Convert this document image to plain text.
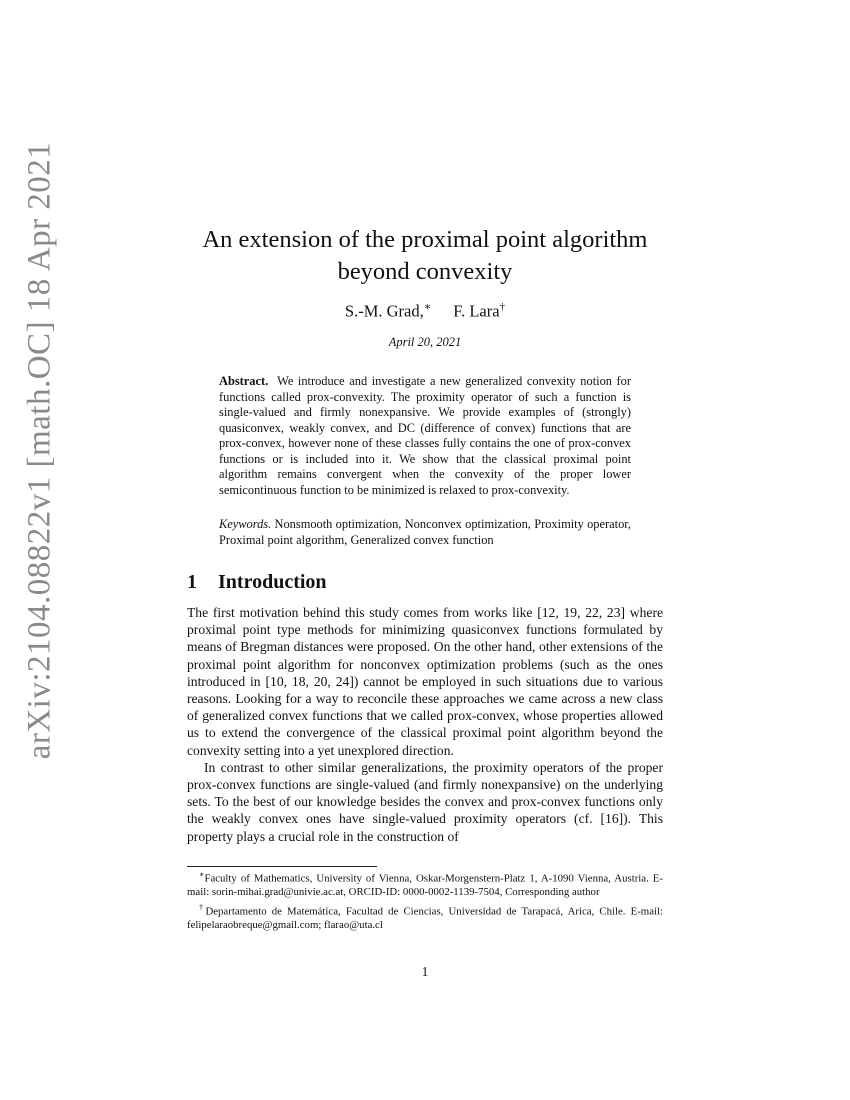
arXiv:2104.08822v1 [math.OC] 18 Apr 2021	An extension of the proximal point algorithm
beyond convexity
S.-M. Grad,∗ F. Lara†
April 20, 2021
Abstract. We introduce and investigate a new generalized convexity notion for functions called prox-convexity. The proximity operator of such a function is single-valued and firmly nonexpansive. We provide examples of (strongly) quasiconvex, weakly convex, and DC (difference of convex) functions that are prox-convex, however none of these classes fully contains the one of prox-convex functions or is included into it. We show that the classical proximal point algorithm remains convergent when the convexity of the proper lower semicontinuous function to be minimized is relaxed to prox-convexity.
Keywords. Nonsmooth optimization, Nonconvex optimization, Proximity operator, Proximal point algorithm, Generalized convex function
1 Introduction

The first motivation behind this study comes from works like [12, 19, 22, 23] where proximal point type methods for minimizing quasiconvex functions formulated by means of Bregman distances were proposed. On the other hand, other extensions of the proximal point algorithm for nonconvex optimization problems (such as the ones introduced in [10, 18, 20, 24]) cannot be employed in such situations due to various reasons. Looking for a way to reconcile these approaches we came across a new class of generalized convex functions that we called prox-convex, whose properties allowed us to extend the convergence of the classical proximal point algorithm beyond the convexity setting into a yet unexplored direction.

In contrast to other similar generalizations, the proximity operators of the proper prox-convex functions are single-valued (and firmly nonexpansive) on the underlying sets. To the best of our knowledge besides the convex and prox-convex functions only the weakly convex ones have single-valued proximity operators (cf. [16]). This property plays a crucial role in the construction of

∗Faculty of Mathematics, University of Vienna, Oskar-Morgenstern-Platz 1, A-1090 Vienna, Austria. E-mail: sorin-mihai.grad@univie.ac.at, ORCID-ID: 0000-0002-1139-7504, Corresponding author

†Departamento de Matemática, Facultad de Ciencias, Universidad de Tarapacá, Arica, Chile. E-mail: felipelaraobreque@gmail.com; flarao@uta.cl

1
